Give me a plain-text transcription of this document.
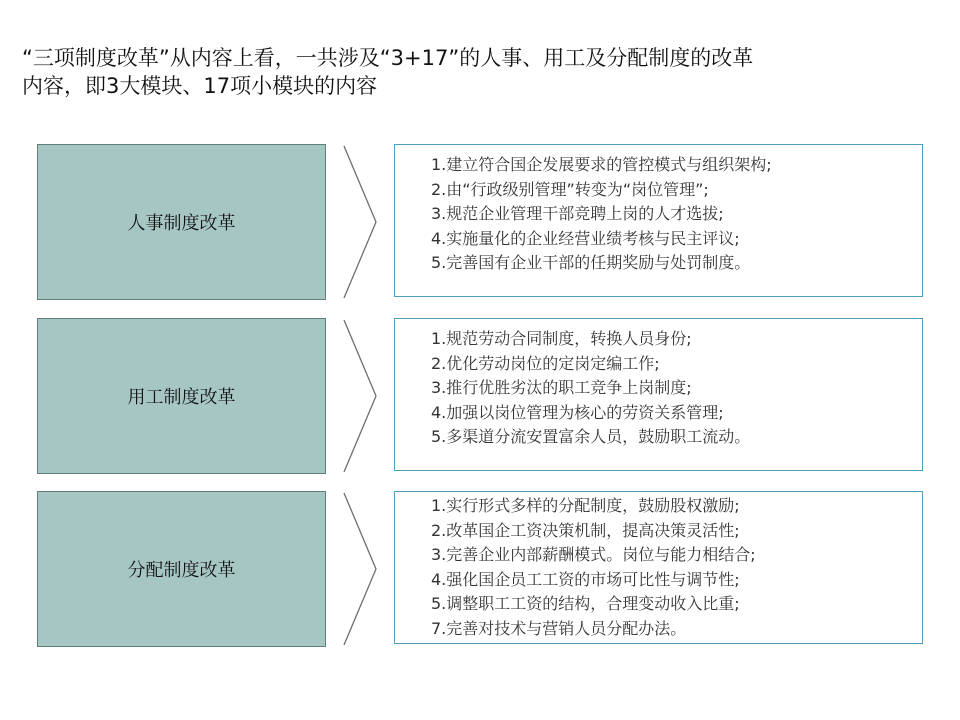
“三项制度改革”从内容上看，一共涉及“3+17”的人事、用工及分配制度的改革
内容，即3大模块、17项小模块的内容
人事制度改革
1.建立符合国企发展要求的管控模式与组织架构;
2.由“行政级别管理”转变为“岗位管理”;
3.规范企业管理干部竞聘上岗的人才选拔;
4.实施量化的企业经营业绩考核与民主评议;
5.完善国有企业干部的任期奖励与处罚制度。
用工制度改革
1.规范劳动合同制度，转换人员身份;
2.优化劳动岗位的定岗定编工作;
3.推行优胜劣汰的职工竞争上岗制度;
4.加强以岗位管理为核心的劳资关系管理;
5.多渠道分流安置富余人员，鼓励职工流动。
分配制度改革
1.实行形式多样的分配制度，鼓励股权激励;
2.改革国企工资决策机制，提高决策灵活性;
3.完善企业内部薪酬模式。岗位与能力相结合;
4.强化国企员工工资的市场可比性与调节性;
5.调整职工工资的结构，合理变动收入比重;
7.完善对技术与营销人员分配办法。
